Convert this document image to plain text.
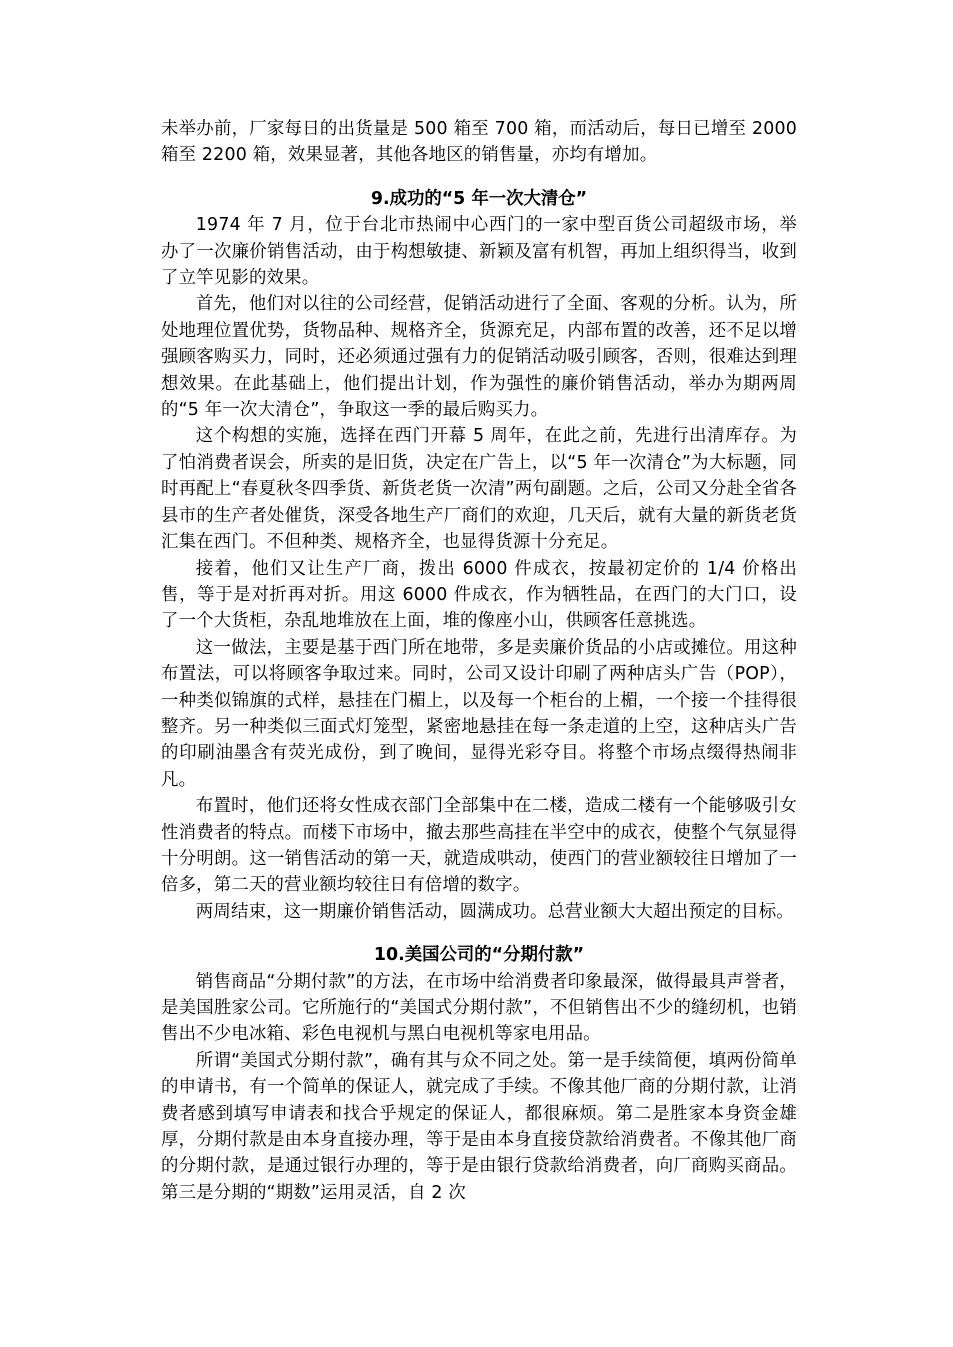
未举办前，厂家每日的出货量是 500 箱至 700 箱，而活动后，每日已增至 2000 箱至 2200 箱，效果显著，其他各地区的销售量，亦均有增加。

9.成功的“5 年一次大清仓”

1974 年 7 月，位于台北市热闹中心西门的一家中型百货公司超级市场，举办了一次廉价销售活动，由于构想敏捷、新颖及富有机智，再加上组织得当，收到了立竿见影的效果。

首先，他们对以往的公司经营，促销活动进行了全面、客观的分析。认为，所处地理位置优势，货物品种、规格齐全，货源充足，内部布置的改善，还不足以增强顾客购买力，同时，还必须通过强有力的促销活动吸引顾客，否则，很难达到理想效果。在此基础上，他们提出计划，作为强性的廉价销售活动，举办为期两周的“5 年一次大清仓”，争取这一季的最后购买力。

这个构想的实施，选择在西门开幕 5 周年，在此之前，先进行出清库存。为了怕消费者误会，所卖的是旧货，决定在广告上，以“5 年一次清仓”为大标题，同时再配上“春夏秋冬四季货、新货老货一次清”两句副题。之后，公司又分赴全省各县市的生产者处催货，深受各地生产厂商们的欢迎，几天后，就有大量的新货老货汇集在西门。不但种类、规格齐全，也显得货源十分充足。

接着，他们又让生产厂商，拨出 6000 件成衣，按最初定价的 1/4 价格出售，等于是对折再对折。用这 6000 件成衣，作为牺牲品，在西门的大门口，设了一个大货柜，杂乱地堆放在上面，堆的像座小山，供顾客任意挑选。

这一做法，主要是基于西门所在地带，多是卖廉价货品的小店或摊位。用这种布置法，可以将顾客争取过来。同时，公司又设计印刷了两种店头广告（POP），一种类似锦旗的式样，悬挂在门楣上，以及每一个柜台的上楣，一个接一个挂得很整齐。另一种类似三面式灯笼型，紧密地悬挂在每一条走道的上空，这种店头广告的印刷油墨含有荧光成份，到了晚间，显得光彩夺目。将整个市场点缀得热闹非凡。

布置时，他们还将女性成衣部门全部集中在二楼，造成二楼有一个能够吸引女性消费者的特点。而楼下市场中，撤去那些高挂在半空中的成衣，使整个气氛显得十分明朗。这一销售活动的第一天，就造成哄动，使西门的营业额较往日增加了一倍多，第二天的营业额均较往日有倍增的数字。

两周结束，这一期廉价销售活动，圆满成功。总营业额大大超出预定的目标。

10.美国公司的“分期付款”

销售商品“分期付款”的方法，在市场中给消费者印象最深，做得最具声誉者，是美国胜家公司。它所施行的“美国式分期付款”，不但销售出不少的缝纫机，也销售出不少电冰箱、彩色电视机与黑白电视机等家电用品。

所谓“美国式分期付款”，确有其与众不同之处。第一是手续简便，填两份简单的申请书，有一个简单的保证人，就完成了手续。不像其他厂商的分期付款，让消费者感到填写申请表和找合乎规定的保证人，都很麻烦。第二是胜家本身资金雄厚，分期付款是由本身直接办理，等于是由本身直接贷款给消费者。不像其他厂商的分期付款，是通过银行办理的，等于是由银行贷款给消费者，向厂商购买商品。第三是分期的“期数”运用灵活，自 2 次
